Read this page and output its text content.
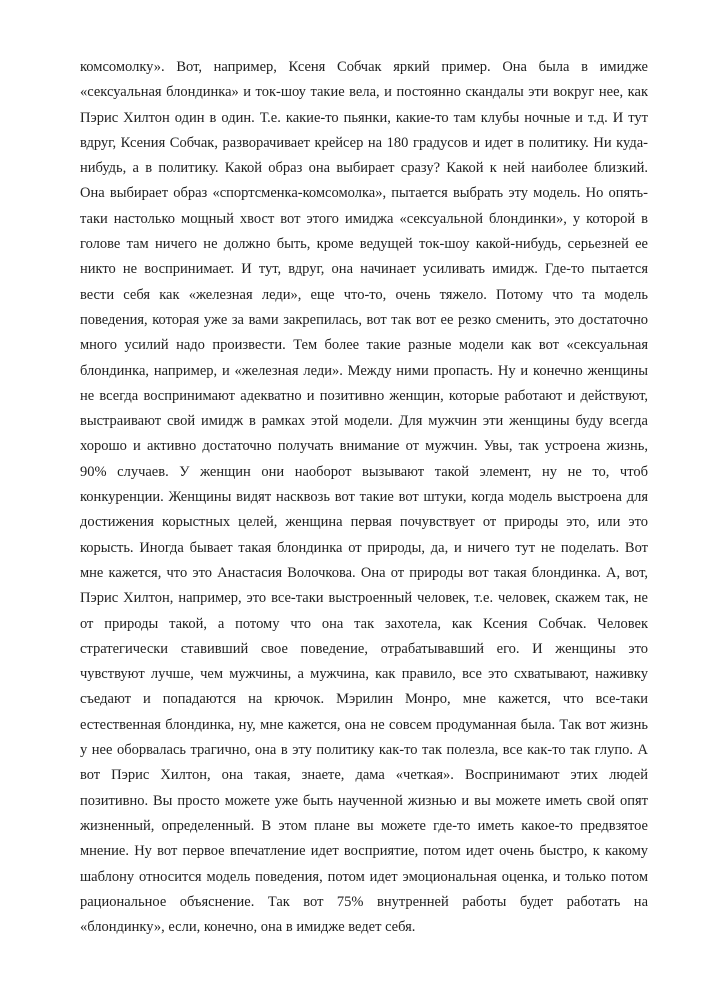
комсомолку». Вот, например, Ксеня Собчак яркий пример. Она была в имидже
«сексуальная блондинка» и ток-шоу такие вела, и постоянно скандалы эти вокруг нее, как
Пэрис Хилтон один в один. Т.е. какие-то пьянки, какие-то там клубы ночные и т.д. И тут
вдруг, Ксения Собчак, разворачивает крейсер на 180 градусов и идет в политику. Ни куда-
нибудь, а в политику. Какой образ она выбирает сразу? Какой к ней наиболее близкий.
Она выбирает образ «спортсменка-комсомолка», пытается выбрать эту модель. Но опять-
таки настолько мощный хвост вот этого имиджа «сексуальной блондинки», у которой в
голове там ничего не должно быть, кроме ведущей ток-шоу какой-нибудь, серьезней ее
никто не воспринимает. И тут, вдруг, она начинает усиливать имидж. Где-то пытается
вести себя как «железная леди», еще что-то, очень тяжело. Потому что та модель
поведения, которая уже за вами закрепилась, вот так вот ее резко сменить, это достаточно
много усилий надо произвести. Тем более такие разные модели как вот «сексуальная
блондинка, например, и «железная леди». Между ними пропасть. Ну и конечно женщины
не всегда воспринимают адекватно и позитивно женщин, которые работают и действуют,
выстраивают свой имидж в рамках этой модели. Для мужчин эти женщины буду всегда
хорошо и активно достаточно получать внимание от мужчин. Увы, так устроена жизнь,
90% случаев. У женщин они наоборот вызывают такой элемент, ну не то, чтоб
конкуренции. Женщины видят насквозь вот такие вот штуки, когда модель выстроена для
достижения корыстных целей, женщина первая почувствует от природы это, или это
корысть. Иногда бывает такая блондинка от природы, да, и ничего тут не поделать. Вот
мне кажется, что это Анастасия Волочкова. Она от природы вот такая блондинка. А, вот,
Пэрис Хилтон, например, это все-таки выстроенный человек, т.е. человек, скажем так, не
от природы такой, а потому что она так захотела, как Ксения Собчак. Человек
стратегически ставивший свое поведение, отрабатывавший его. И женщины это
чувствуют лучше, чем мужчины, а мужчина, как правило, все это схватывают, наживку
съедают и попадаются на крючок. Мэрилин Монро, мне кажется, что все-таки
естественная блондинка, ну, мне кажется, она не совсем продуманная была. Так вот жизнь
у нее оборвалась трагично, она в эту политику как-то так полезла, все как-то так глупо. А
вот Пэрис Хилтон, она такая, знаете, дама «четкая». Воспринимают этих людей
позитивно. Вы просто можете уже быть наученной жизнью и вы можете иметь свой опят
жизненный, определенный. В этом плане вы можете где-то иметь какое-то предвзятое
мнение. Ну вот первое впечатление идет восприятие, потом идет очень быстро, к какому
шаблону относится модель поведения, потом идет эмоциональная оценка, и только потом
рациональное объяснение. Так вот 75% внутренней работы будет работать на
«блондинку», если, конечно, она в имидже ведет себя.
